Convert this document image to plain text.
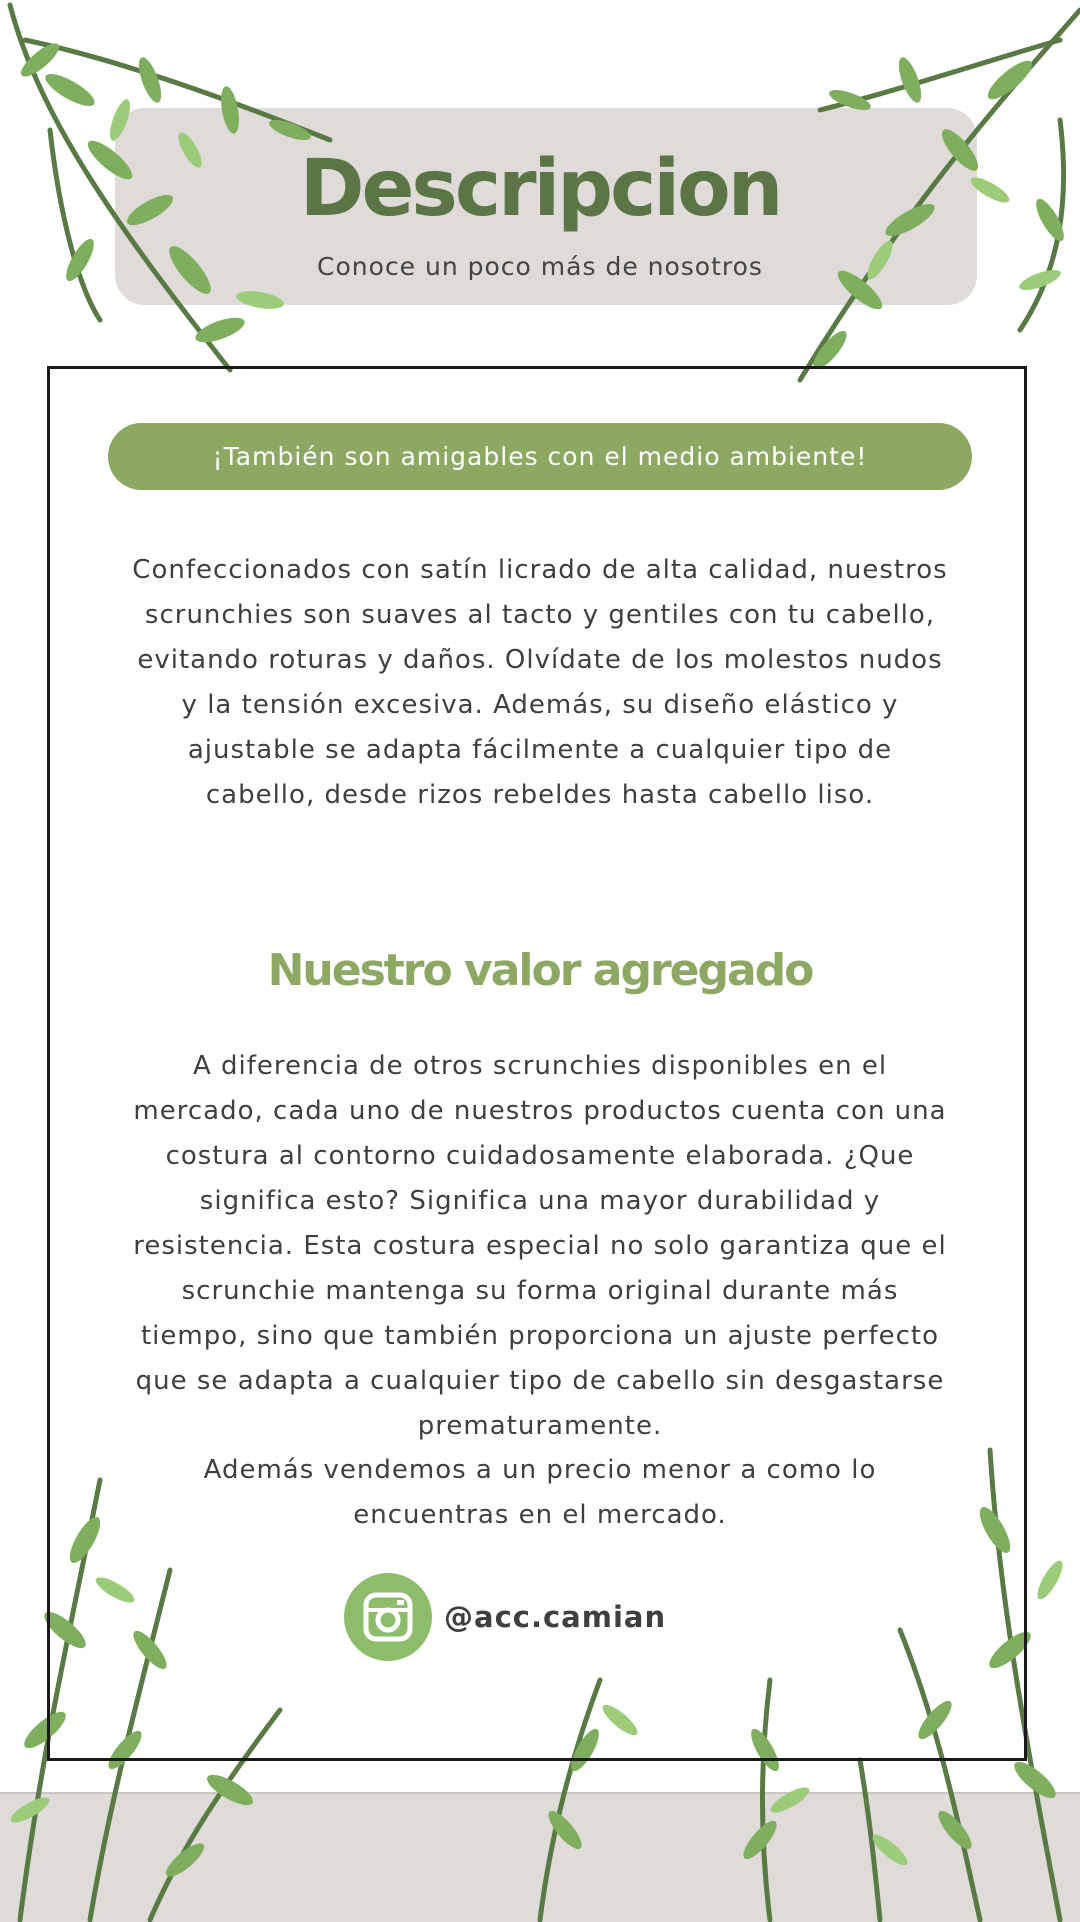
Descripcion
Conoce un poco más de nosotros
¡También son amigables con el medio ambiente!

Confeccionados con satín licrado de alta calidad, nuestros scrunchies son suaves al tacto y gentiles con tu cabello, evitando roturas y daños. Olvídate de los molestos nudos y la tensión excesiva. Además, su diseño elástico y ajustable se adapta fácilmente a cualquier tipo de cabello, desde rizos rebeldes hasta cabello liso.

Nuestro valor agregado

A diferencia de otros scrunchies disponibles en el mercado, cada uno de nuestros productos cuenta con una costura al contorno cuidadosamente elaborada. ¿Que significa esto? Significa una mayor durabilidad y resistencia. Esta costura especial no solo garantiza que el scrunchie mantenga su forma original durante más tiempo, sino que también proporciona un ajuste perfecto que se adapta a cualquier tipo de cabello sin desgastarse prematuramente.

Además vendemos a un precio menor a como lo encuentras en el mercado.

@acc.camian
